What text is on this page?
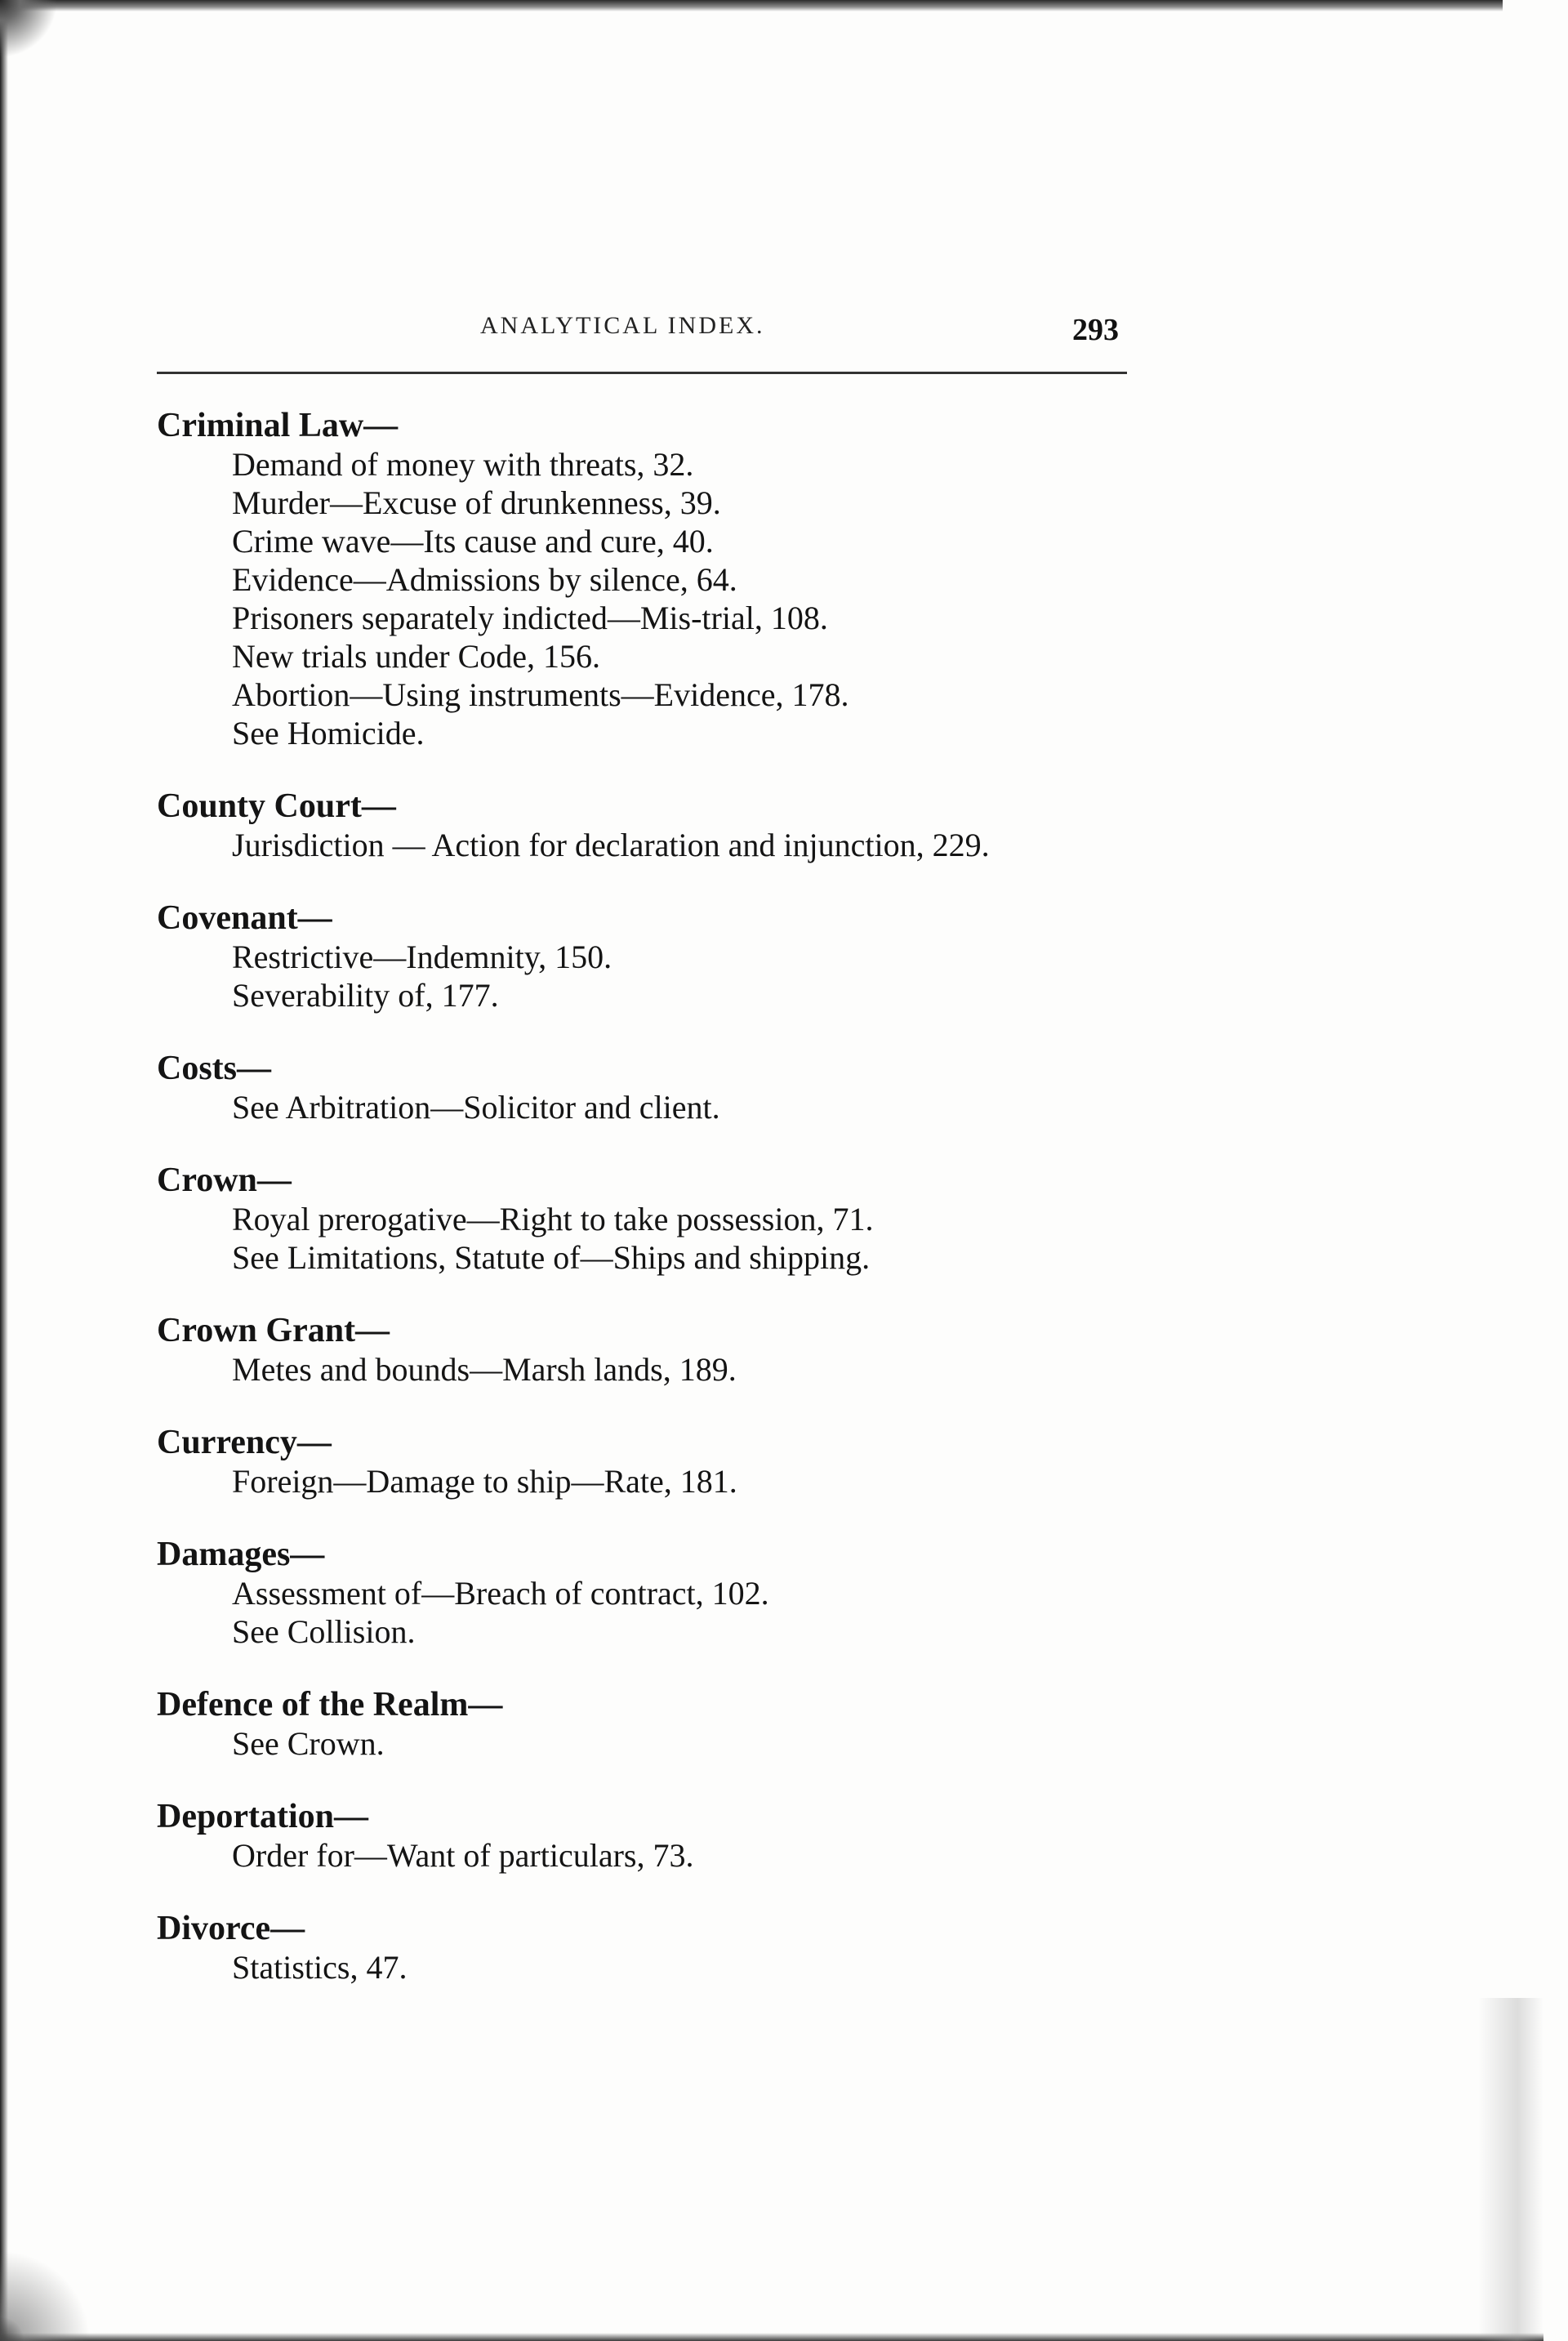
ANALYTICAL INDEX.	293
Criminal Law—
Demand of money with threats, 32.
Murder—Excuse of drunkenness, 39.
Crime wave—Its cause and cure, 40.
Evidence—Admissions by silence, 64.
Prisoners separately indicted—Mis-trial, 108.
New trials under Code, 156.
Abortion—Using instruments—Evidence, 178.
See Homicide.
County Court—
Jurisdiction — Action for declaration and injunction, 229.
Covenant—
Restrictive—Indemnity, 150.
Severability of, 177.
Costs—
See Arbitration—Solicitor and client.
Crown—
Royal prerogative—Right to take possession, 71.
See Limitations, Statute of—Ships and shipping.
Crown Grant—
Metes and bounds—Marsh lands, 189.
Currency—
Foreign—Damage to ship—Rate, 181.
Damages—
Assessment of—Breach of contract, 102.
See Collision.
Defence of the Realm—
See Crown.
Deportation—
Order for—Want of particulars, 73.
Divorce—
Statistics, 47.
